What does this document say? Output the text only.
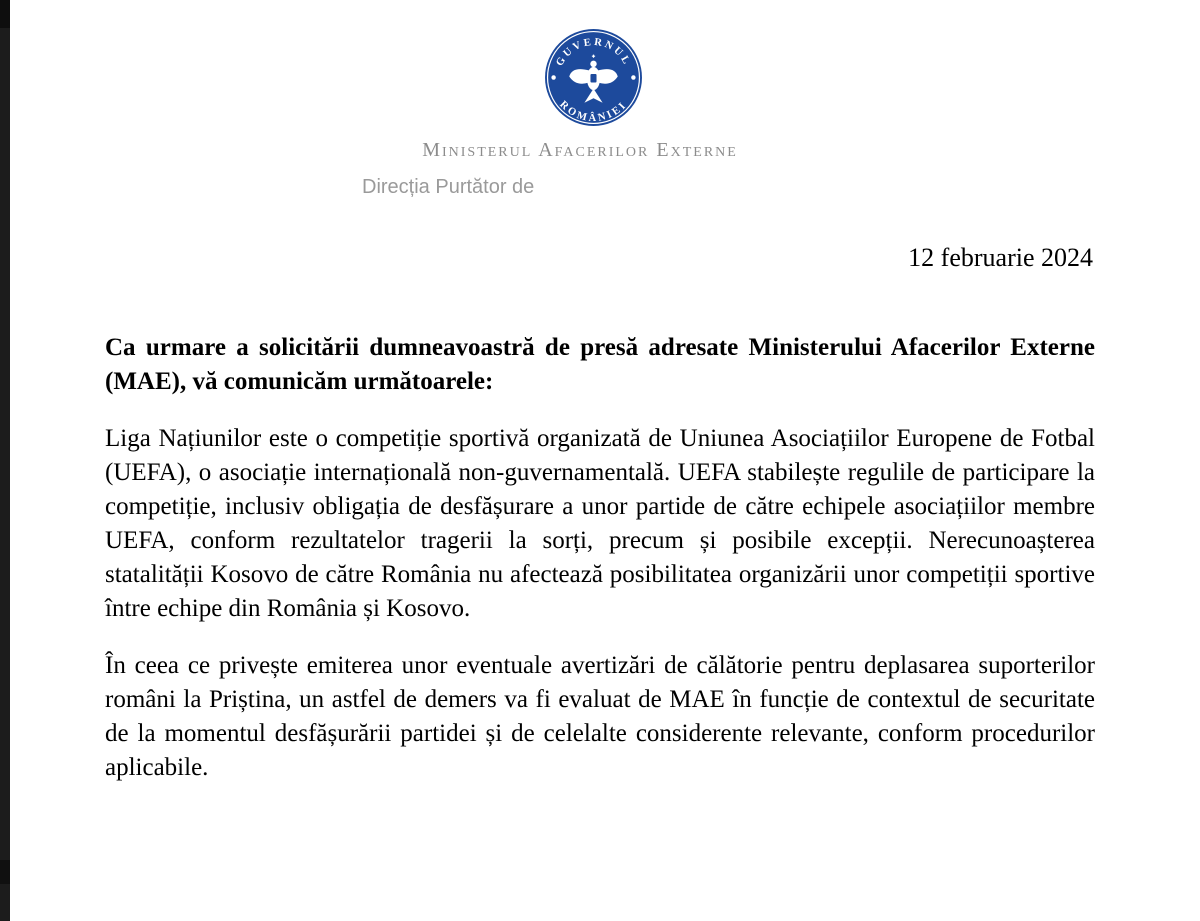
GUVERNUL
ROMÂNIEI
Ministerul Afacerilor Externe
Direcția Purtător de
12 februarie 2024

Ca urmare a solicitării dumneavoastră de presă adresate Ministerului Afacerilor Externe (MAE), vă comunicăm următoarele:

Liga Națiunilor este o competiție sportivă organizată de Uniunea Asociațiilor Europene de Fotbal (UEFA), o asociație internațională non-guvernamentală. UEFA stabilește regulile de participare la competiție, inclusiv obligația de desfășurare a unor partide de către echipele asociațiilor membre UEFA, conform rezultatelor tragerii la sorți, precum și posibile excepții. Nerecunoașterea statalității Kosovo de către România nu afectează posibilitatea organizării unor competiții sportive între echipe din România și Kosovo.

În ceea ce privește emiterea unor eventuale avertizări de călătorie pentru deplasarea suporterilor români la Priștina, un astfel de demers va fi evaluat de MAE în funcție de contextul de securitate de la momentul desfășurării partidei și de celelalte considerente relevante, conform procedurilor aplicabile.
